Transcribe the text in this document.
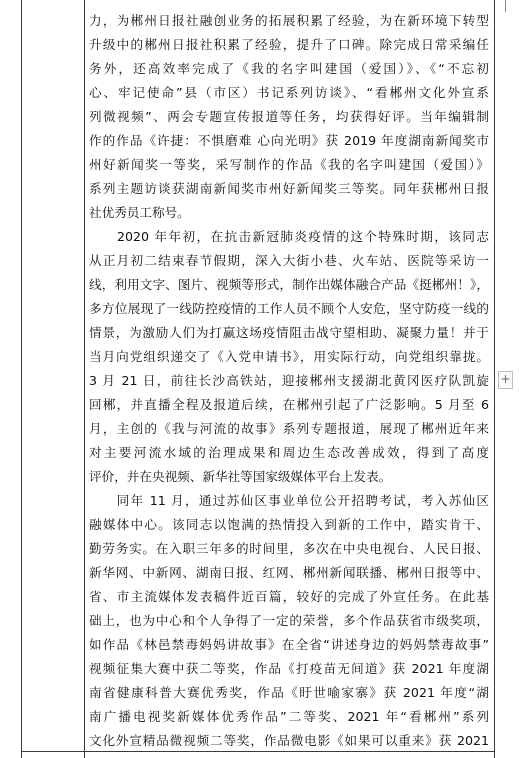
力，为郴州日报社融创业务的拓展积累了经验，为在新环境下转型
升级中的郴州日报社积累了经验，提升了口碑。除完成日常采编任
务外，还高效率完成了《我的名字叫建国（爱国）》、《“不忘初
心、牢记使命”县（市区）书记系列访谈》、“看郴州文化外宣系
列微视频”、两会专题宣传报道等任务，均获得好评。当年编辑制
作的作品《许捷：不惧磨难 心向光明》获 2019 年度湖南新闻奖市
州好新闻奖一等奖，采写制作的作品《我的名字叫建国（爱国）》
系列主题访谈获湖南新闻奖市州好新闻奖三等奖。同年获郴州日报
社优秀员工称号。
　　2020 年年初，在抗击新冠肺炎疫情的这个特殊时期，该同志
从正月初二结束春节假期，深入大街小巷、火车站、医院等采访一
线，利用文字、图片、视频等形式，制作出媒体融合产品《挺郴州！》，
多方位展现了一线防控疫情的工作人员不顾个人安危，坚守防疫一线的
情景，为激励人们为打赢这场疫情阻击战守望相助、凝聚力量！并于
当月向党组织递交了《入党申请书》，用实际行动，向党组织靠拢。
3 月 21 日，前往长沙高铁站，迎接郴州支援湖北黄冈医疗队凯旋
回郴，并直播全程及报道后续，在郴州引起了广泛影响。5 月至 6
月，主创的《我与河流的故事》系列专题报道，展现了郴州近年来
对主要河流水域的治理成果和周边生态改善成效，得到了高度
评价，并在央视频、新华社等国家级媒体平台上发表。
　　同年 11 月，通过苏仙区事业单位公开招聘考试，考入苏仙区
融媒体中心。该同志以饱满的热情投入到新的工作中，踏实肯干、
勤劳务实。在入职三年多的时间里，多次在中央电视台、人民日报、
新华网、中新网、湖南日报、红网、郴州新闻联播、郴州日报等中、
省、市主流媒体发表稿件近百篇，较好的完成了外宣任务。在此基
础上，也为中心和个人争得了一定的荣誉，多个作品获省市级奖项，
如作品《林邑禁毒妈妈讲故事》在全省“讲述身边的妈妈禁毒故事”
视频征集大赛中获二等奖，作品《打疫苗无间道》获 2021 年度湖
南省健康科普大赛优秀奖，作品《盱世喻家寨》获 2021 年度“湖
南广播电视奖新媒体优秀作品”二等奖、2021 年“看郴州”系列
文化外宣精品微视频二等奖，作品微电影《如果可以重来》获 2021
+
